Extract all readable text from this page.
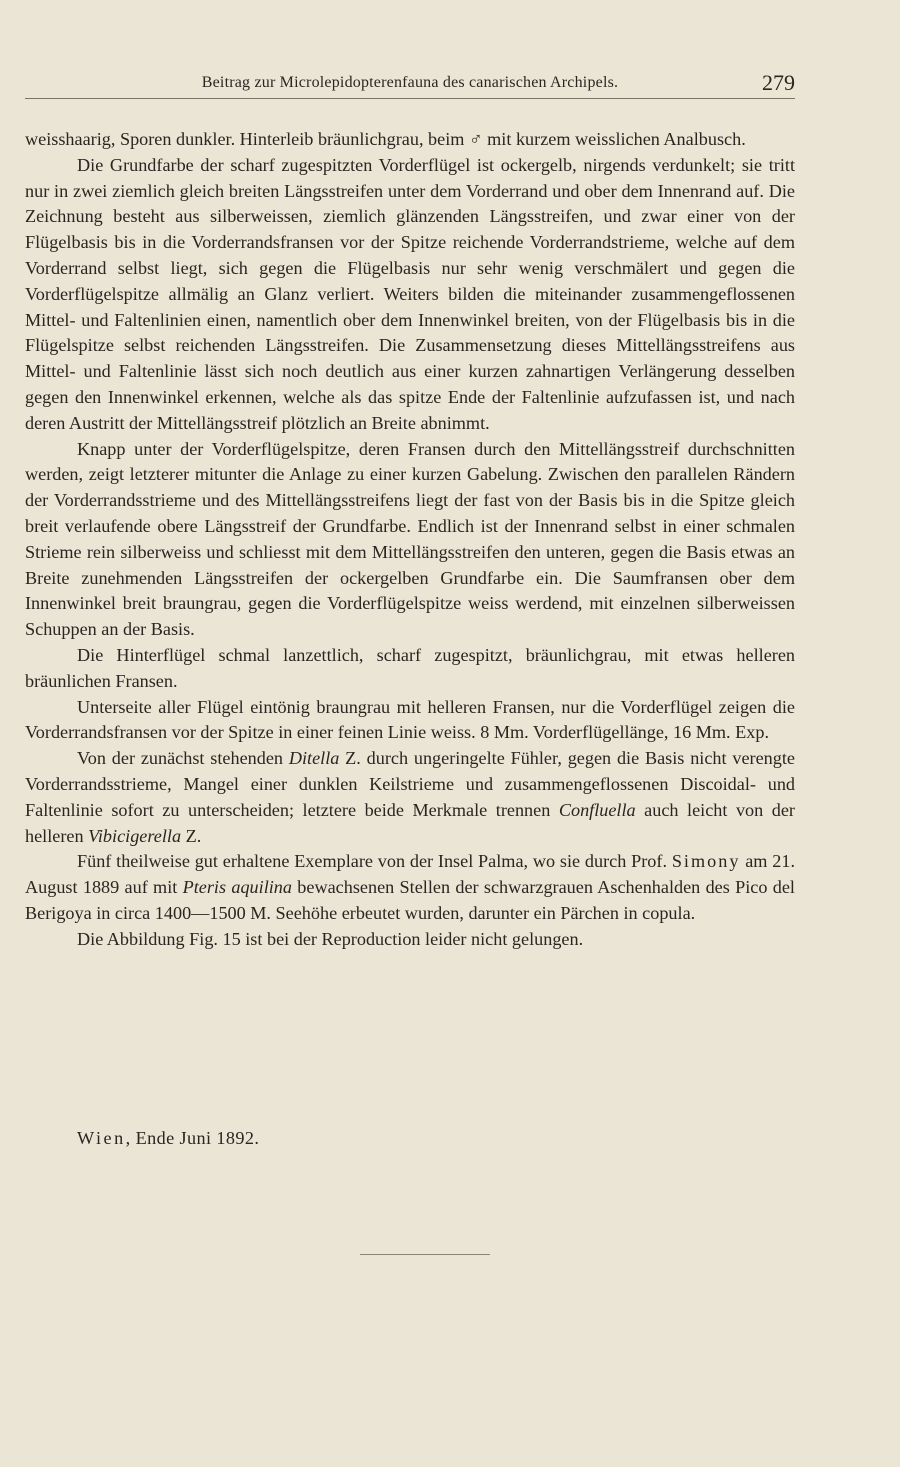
Beitrag zur Microlepidopterenfauna des canarischen Archipels.	279

weisshaarig, Sporen dunkler. Hinterleib bräunlichgrau, beim ♂ mit kurzem weisslichen Analbusch.

Die Grundfarbe der scharf zugespitzten Vorderflügel ist ockergelb, nirgends verdunkelt; sie tritt nur in zwei ziemlich gleich breiten Längsstreifen unter dem Vorderrand und ober dem Innenrand auf. Die Zeichnung besteht aus silberweissen, ziemlich glänzenden Längsstreifen, und zwar einer von der Flügelbasis bis in die Vorderrandsfransen vor der Spitze reichende Vorderrandstrieme, welche auf dem Vorderrand selbst liegt, sich gegen die Flügelbasis nur sehr wenig verschmälert und gegen die Vorderflügelspitze allmälig an Glanz verliert. Weiters bilden die miteinander zusammengeflossenen Mittel- und Faltenlinien einen, namentlich ober dem Innenwinkel breiten, von der Flügelbasis bis in die Flügelspitze selbst reichenden Längsstreifen. Die Zusammensetzung dieses Mittellängsstreifens aus Mittel- und Faltenlinie lässt sich noch deutlich aus einer kurzen zahnartigen Verlängerung desselben gegen den Innenwinkel erkennen, welche als das spitze Ende der Faltenlinie aufzufassen ist, und nach deren Austritt der Mittellängsstreif plötzlich an Breite abnimmt.

Knapp unter der Vorderflügelspitze, deren Fransen durch den Mittellängsstreif durchschnitten werden, zeigt letzterer mitunter die Anlage zu einer kurzen Gabelung. Zwischen den parallelen Rändern der Vorderrandsstrieme und des Mittellängsstreifens liegt der fast von der Basis bis in die Spitze gleich breit verlaufende obere Längsstreif der Grundfarbe. Endlich ist der Innenrand selbst in einer schmalen Strieme rein silberweiss und schliesst mit dem Mittellängsstreifen den unteren, gegen die Basis etwas an Breite zunehmenden Längsstreifen der ockergelben Grundfarbe ein. Die Saumfransen ober dem Innenwinkel breit braungrau, gegen die Vorderflügelspitze weiss werdend, mit einzelnen silberweissen Schuppen an der Basis.

Die Hinterflügel schmal lanzettlich, scharf zugespitzt, bräunlichgrau, mit etwas helleren bräunlichen Fransen.

Unterseite aller Flügel eintönig braungrau mit helleren Fransen, nur die Vorderflügel zeigen die Vorderrandsfransen vor der Spitze in einer feinen Linie weiss. 8 Mm. Vorderflügellänge, 16 Mm. Exp.

Von der zunächst stehenden Ditella Z. durch ungeringelte Fühler, gegen die Basis nicht verengte Vorderrandsstrieme, Mangel einer dunklen Keilstrieme und zusammengeflossenen Discoidal- und Faltenlinie sofort zu unterscheiden; letztere beide Merkmale trennen Confluella auch leicht von der helleren Vibicigerella Z.

Fünf theilweise gut erhaltene Exemplare von der Insel Palma, wo sie durch Prof. Simony am 21. August 1889 auf mit Pteris aquilina bewachsenen Stellen der schwarzgrauen Aschenhalden des Pico del Berigoya in circa 1400—1500 M. Seehöhe erbeutet wurden, darunter ein Pärchen in copula.

Die Abbildung Fig. 15 ist bei der Reproduction leider nicht gelungen.

Wien, Ende Juni 1892.
